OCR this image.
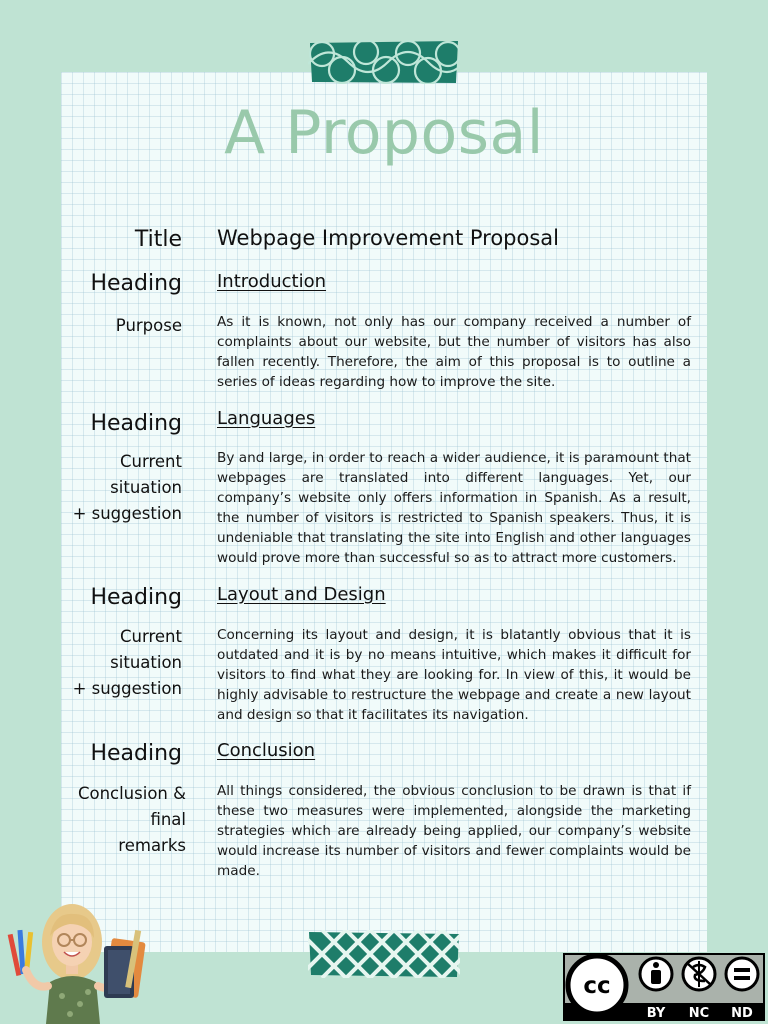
A Proposal
Title
Heading
Purpose
Heading
Current
situation
+ suggestion
Heading
Current
situation
+ suggestion
Heading
Conclusion &
final
remarks
Webpage Improvement Proposal
Introduction
As it is known, not only has our company received a number of complaints about our website, but the number of visitors has also fallen recently. Therefore, the aim of this proposal is to outline a series of ideas regarding how to improve the site.
Languages
By and large, in order to reach a wider audience, it is paramount that webpages are translated into different languages. Yet, our company’s website only offers information in Spanish. As a result, the number of visitors is restricted to Spanish speakers. Thus, it is undeniable that translating the site into English and other languages would prove more than successful so as to attract more customers.
Layout and Design
Concerning its layout and design, it is blatantly obvious that it is outdated and it is by no means intuitive, which makes it difficult for visitors to find what they are looking for. In view of this, it would be highly advisable to restructure the webpage and create a new layout and design so that it facilitates its navigation.
Conclusion
All things considered, the obvious conclusion to be drawn is that if these two measures were implemented, alongside the marketing strategies which are already being applied, our company’s website would increase its number of visitors and fewer complaints would be made.
cc
BY NC ND
